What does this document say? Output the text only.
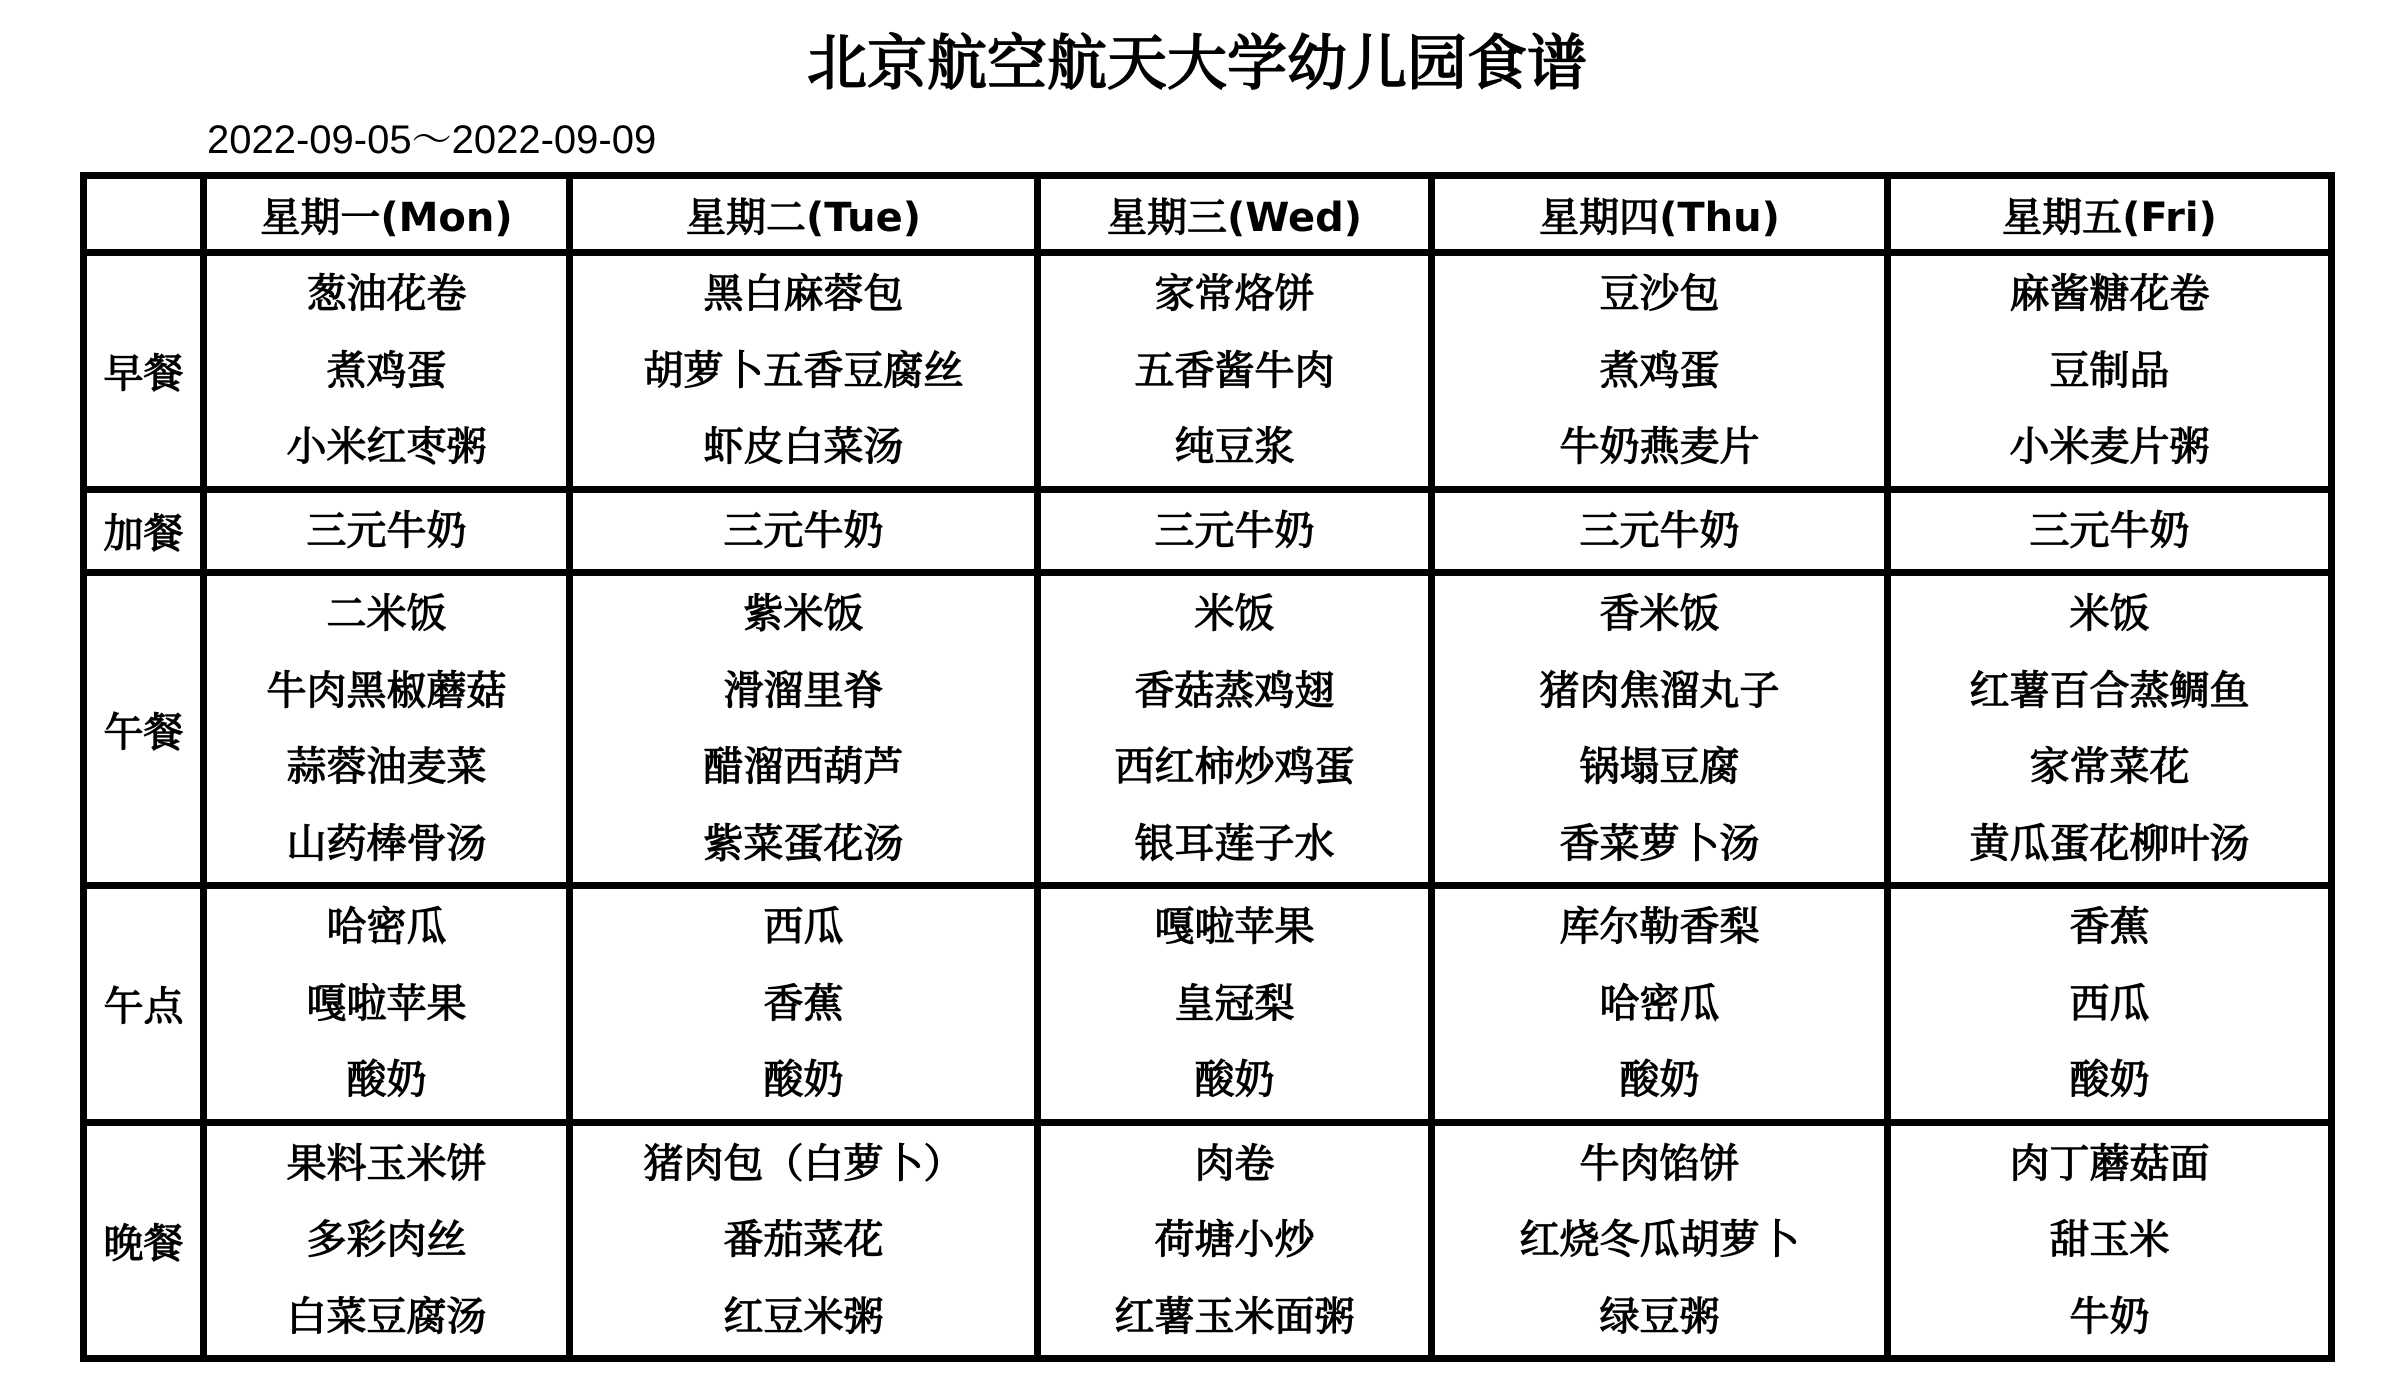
北京航空航天大学幼儿园食谱
2022-09-05～2022-09-09
	星期一(Mon)	星期二(Tue)	星期三(Wed)	星期四(Thu)	星期五(Fri)
早餐	葱油花卷
煮鸡蛋
小米红枣粥	黑白麻蓉包
胡萝卜五香豆腐丝
虾皮白菜汤	家常烙饼
五香酱牛肉
纯豆浆	豆沙包
煮鸡蛋
牛奶燕麦片	麻酱糖花卷
豆制品
小米麦片粥

加餐	三元牛奶	三元牛奶	三元牛奶	三元牛奶	三元牛奶

午餐	二米饭
牛肉黑椒蘑菇
蒜蓉油麦菜
山药棒骨汤	紫米饭
滑溜里脊
醋溜西葫芦
紫菜蛋花汤	米饭
香菇蒸鸡翅
西红柿炒鸡蛋
银耳莲子水	香米饭
猪肉焦溜丸子
锅塌豆腐
香菜萝卜汤	米饭
红薯百合蒸鲷鱼
家常菜花
黄瓜蛋花柳叶汤

午点	哈密瓜
嘎啦苹果
酸奶	西瓜
香蕉
酸奶	嘎啦苹果
皇冠梨
酸奶	库尔勒香梨
哈密瓜
酸奶	香蕉
西瓜
酸奶

晚餐	果料玉米饼
多彩肉丝
白菜豆腐汤	猪肉包（白萝卜）
番茄菜花
红豆米粥	肉卷
荷塘小炒
红薯玉米面粥	牛肉馅饼
红烧冬瓜胡萝卜
绿豆粥	肉丁蘑菇面
甜玉米
牛奶
